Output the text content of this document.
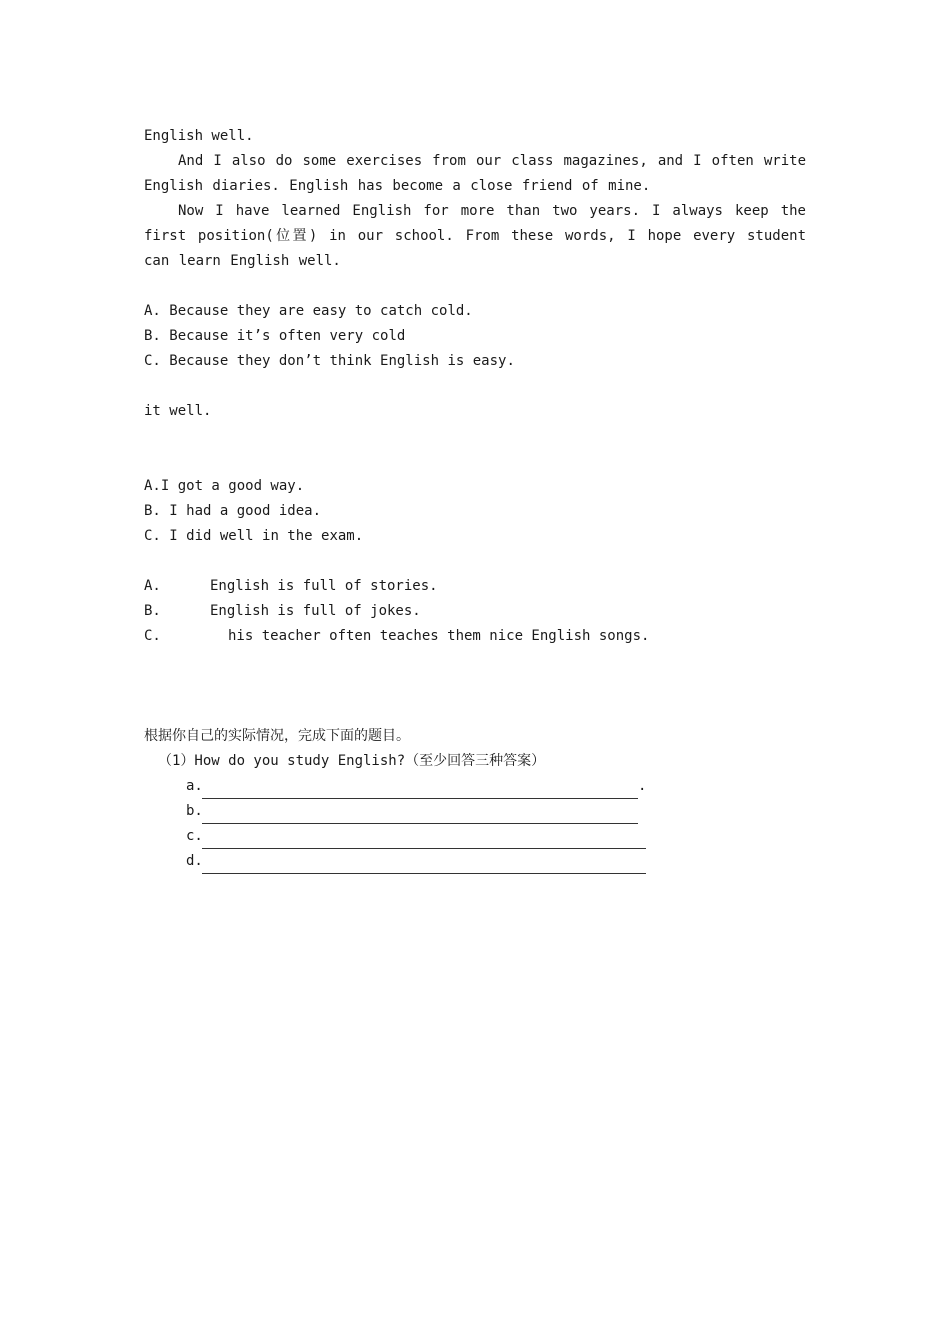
English well.
And I also do some exercises from our class magazines, and I often write English diaries. English has become a close friend of mine.
Now I have learned English for more than two years. I always keep the first position(位置) in our school. From these words, I hope every student can learn English well.

A. Because they are easy to catch cold.
B. Because it’s often very cold
C. Because they don’t think English is easy.

it well.

A.I got a good way.
B. I had a good idea.
C. I did well in the exam.

A.	English is full of stories.
B.	English is full of jokes.
C.	his teacher often teaches them nice English songs.

根据你自己的实际情况，完成下面的题目。
（1）How do you study English?（至少回答三种答案）
a.	.
b.
c.
d.
